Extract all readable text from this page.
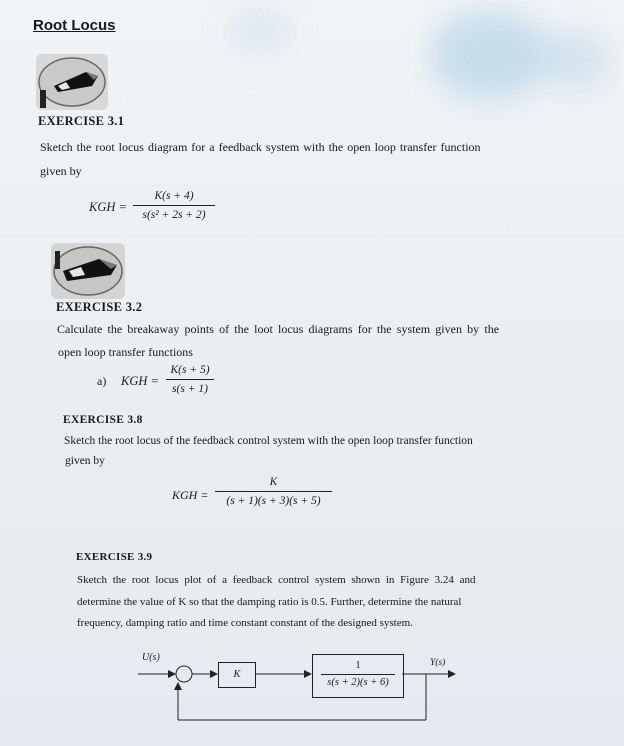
Root Locus
EXERCISE 3.1
Sketch the root locus diagram for a feedback system with the open loop transfer function
given by
KGH =
K(s + 4)
s(s² + 2s + 2)
EXERCISE 3.2
Calculate the breakaway points of the loot locus diagrams for the system given by the
open loop transfer functions
a) KGH =
K(s + 5)
s(s + 1)
EXERCISE 3.8
Sketch the root locus of the feedback control system with the open loop transfer function
given by
KGH =
K
(s + 1)(s + 3)(s + 5)
EXERCISE 3.9
Sketch the root locus plot of a feedback control system shown in Figure 3.24 and
determine the value of K so that the damping ratio is 0.5. Further, determine the natural
frequency, damping ratio and time constant constant of the designed system.
U(s)	Y(s)
K
1
s(s + 2)(s + 6)
